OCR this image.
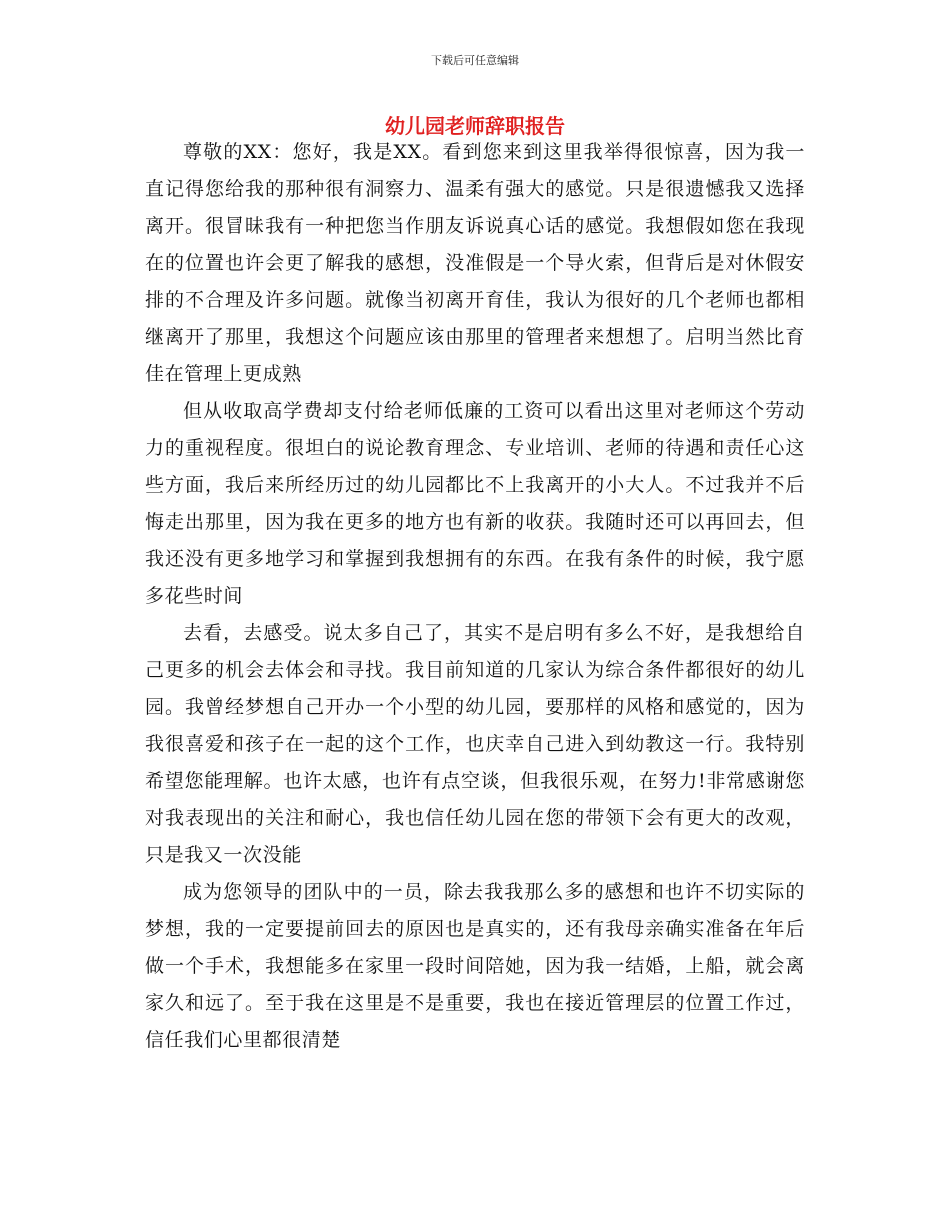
下载后可任意编辑
幼儿园老师辞职报告

尊敬的XX：您好，我是XX。看到您来到这里我举得很惊喜，因为我一直记得您给我的那种很有洞察力、温柔有强大的感觉。只是很遗憾我又选择离开。很冒昧我有一种把您当作朋友诉说真心话的感觉。我想假如您在我现在的位置也许会更了解我的感想，没准假是一个导火索，但背后是对休假安排的不合理及许多问题。就像当初离开育佳，我认为很好的几个老师也都相继离开了那里，我想这个问题应该由那里的管理者来想想了。启明当然比育佳在管理上更成熟

但从收取高学费却支付给老师低廉的工资可以看出这里对老师这个劳动力的重视程度。很坦白的说论教育理念、专业培训、老师的待遇和责任心这些方面，我后来所经历过的幼儿园都比不上我离开的小大人。不过我并不后悔走出那里，因为我在更多的地方也有新的收获。我随时还可以再回去，但我还没有更多地学习和掌握到我想拥有的东西。在我有条件的时候，我宁愿多花些时间

去看，去感受。说太多自己了，其实不是启明有多么不好，是我想给自己更多的机会去体会和寻找。我目前知道的几家认为综合条件都很好的幼儿园。我曾经梦想自己开办一个小型的幼儿园，要那样的风格和感觉的，因为我很喜爱和孩子在一起的这个工作，也庆幸自己进入到幼教这一行。我特别希望您能理解。也许太感，也许有点空谈，但我很乐观，在努力!非常感谢您对我表现出的关注和耐心，我也信任幼儿园在您的带领下会有更大的改观，只是我又一次没能

成为您领导的团队中的一员，除去我我那么多的感想和也许不切实际的梦想，我的一定要提前回去的原因也是真实的，还有我母亲确实准备在年后做一个手术，我想能多在家里一段时间陪她，因为我一结婚，上船，就会离家久和远了。至于我在这里是不是重要，我也在接近管理层的位置工作过，信任我们心里都很清楚
